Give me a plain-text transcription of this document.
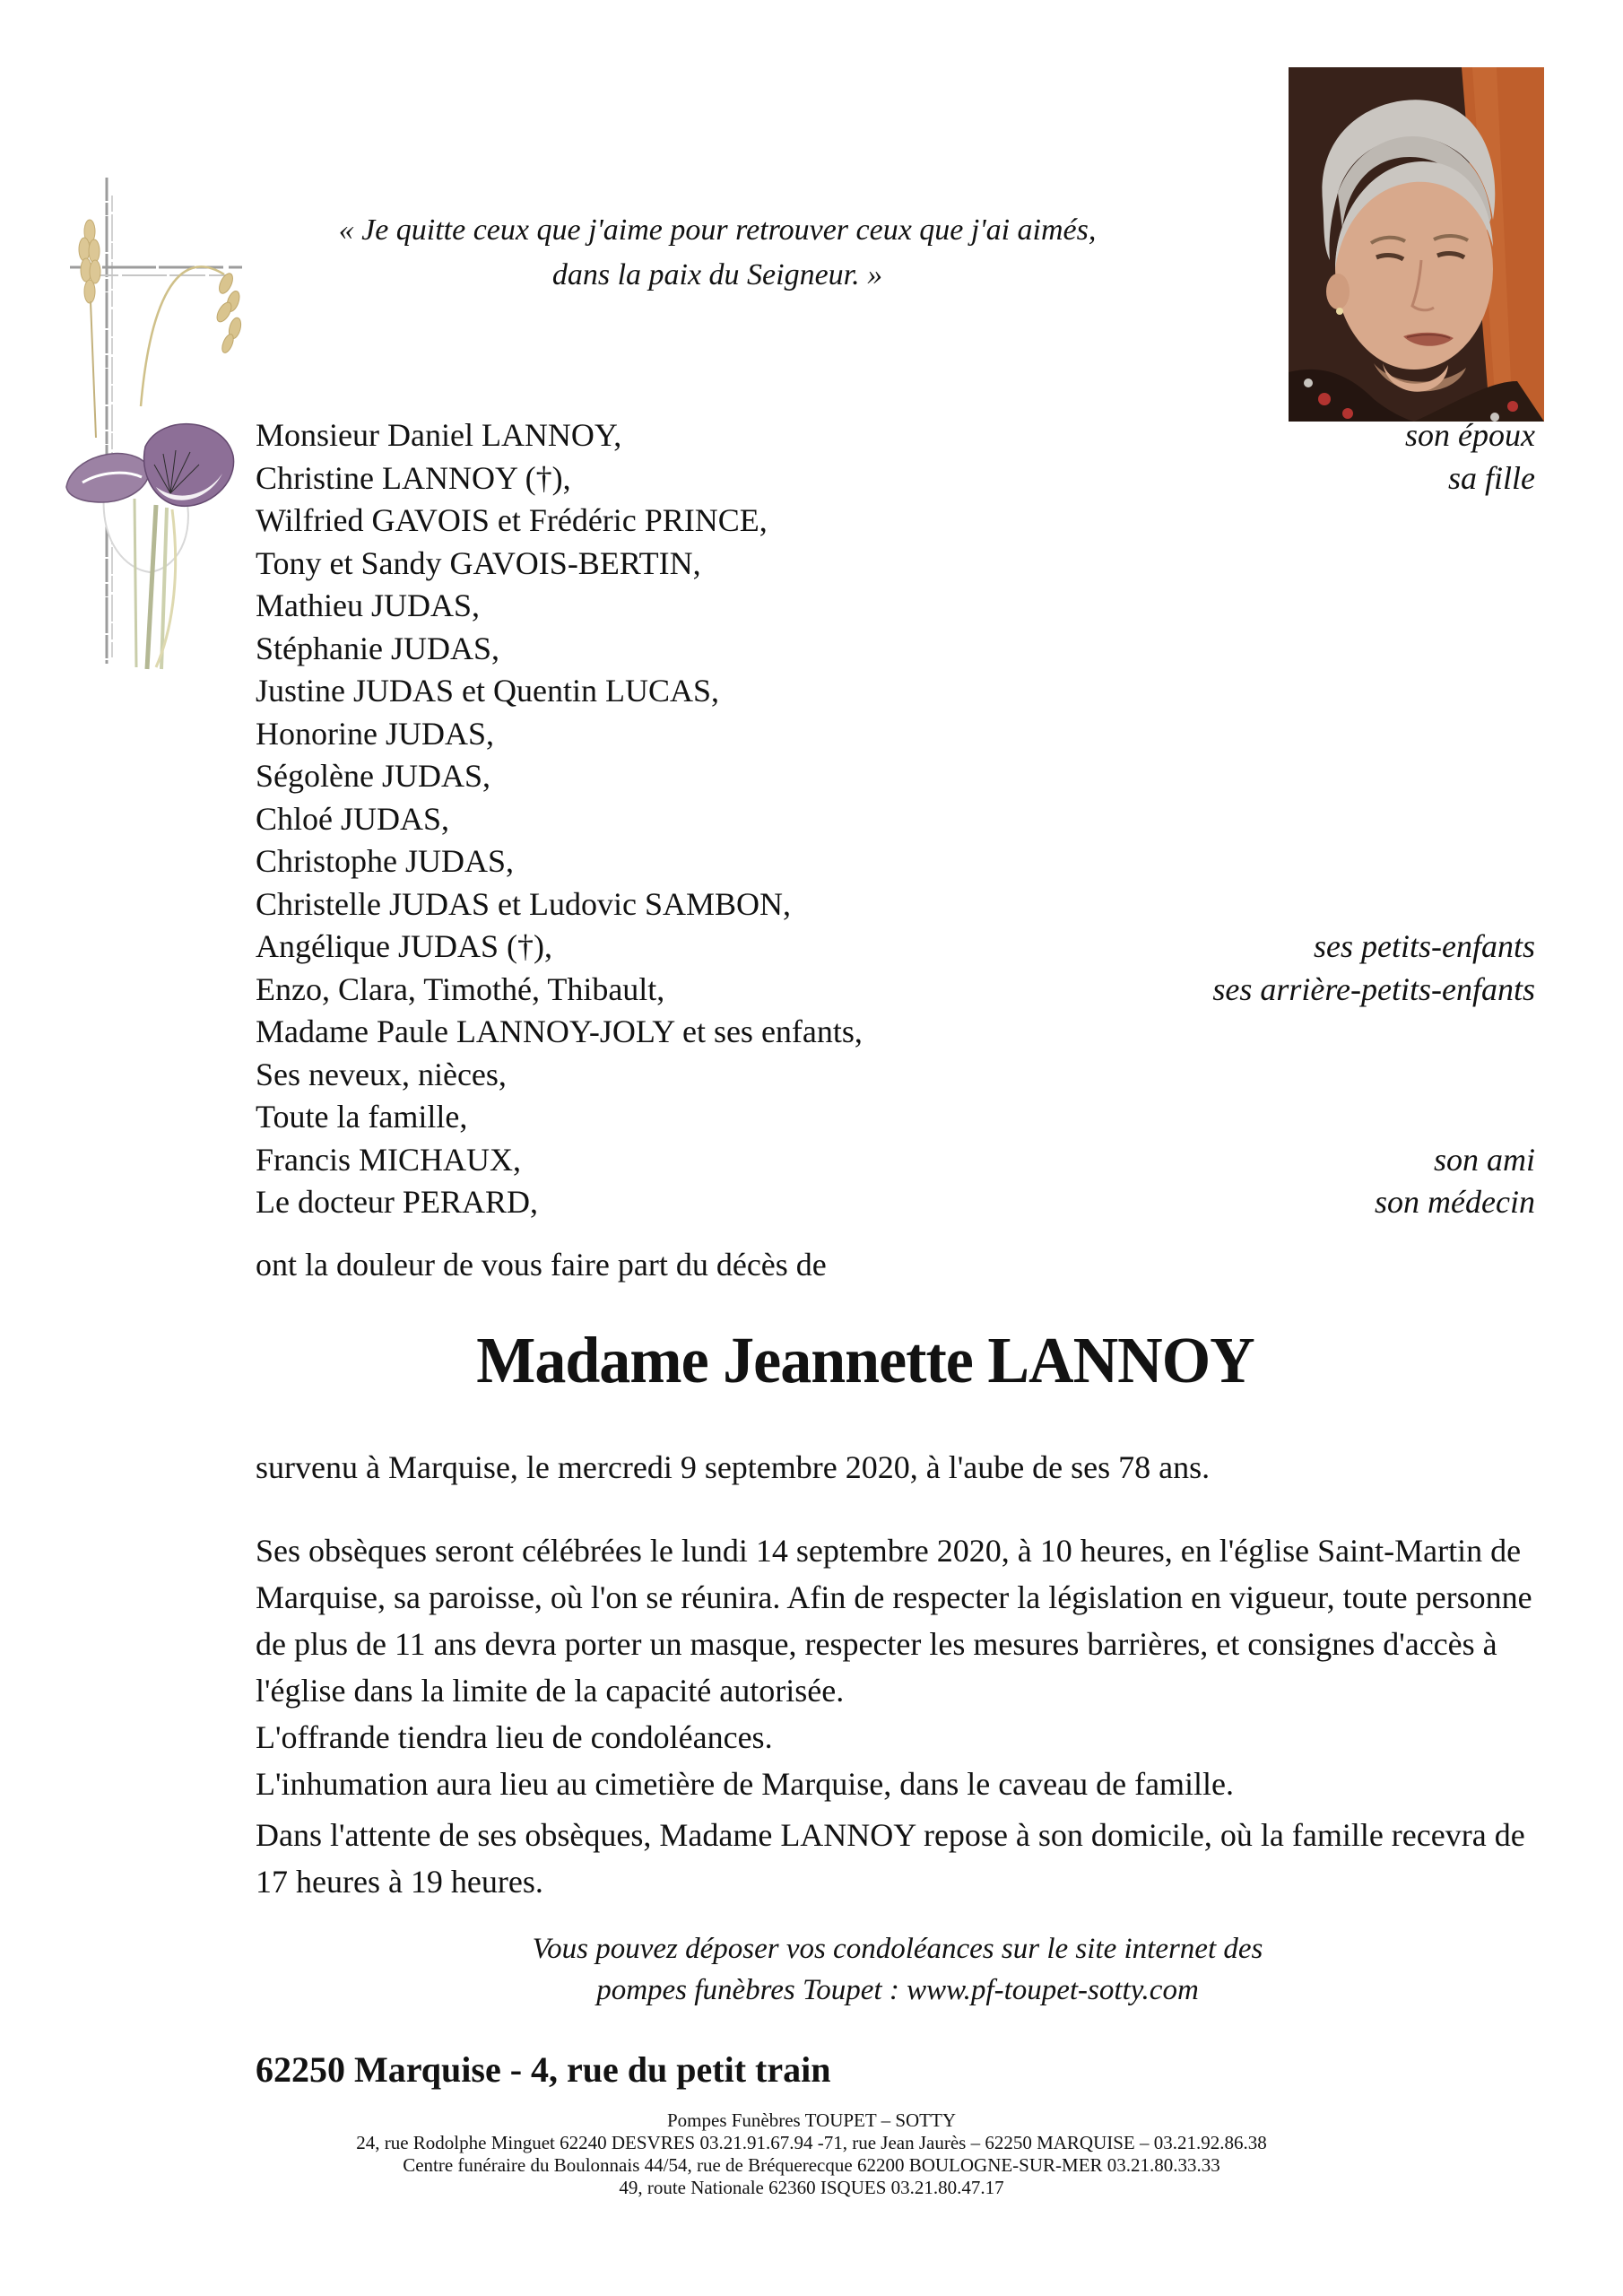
« Je quitte ceux que j'aime pour retrouver ceux que j'ai aimés,
dans la paix du Seigneur. »
Monsieur Daniel LANNOY,	son époux
Christine LANNOY (†),	sa fille
Wilfried GAVOIS et Frédéric PRINCE,
Tony et Sandy GAVOIS-BERTIN,
Mathieu JUDAS,
Stéphanie JUDAS,
Justine JUDAS et Quentin LUCAS,
Honorine JUDAS,
Ségolène JUDAS,
Chloé JUDAS,
Christophe JUDAS,
Christelle JUDAS et Ludovic SAMBON,
Angélique JUDAS (†),	ses petits-enfants
Enzo, Clara, Timothé, Thibault,	ses arrière-petits-enfants
Madame Paule LANNOY-JOLY et ses enfants,
Ses neveux, nièces,
Toute la famille,
Francis MICHAUX,	son ami
Le docteur PERARD,	son médecin
ont la douleur de vous faire part du décès de
Madame Jeannette LANNOY
survenu à Marquise, le mercredi 9 septembre 2020, à l'aube de ses 78 ans.
Ses obsèques seront célébrées le lundi 14 septembre 2020, à 10 heures, en l'église Saint-Martin de Marquise, sa paroisse, où l'on se réunira. Afin de respecter la législation en vigueur, toute personne de plus de 11 ans devra porter un masque, respecter les mesures barrières, et consignes d'accès à l'église dans la limite de la capacité autorisée.
L'offrande tiendra lieu de condoléances.
L'inhumation aura lieu au cimetière de Marquise, dans le caveau de famille.
Dans l'attente de ses obsèques, Madame LANNOY repose à son domicile, où la famille recevra de 17 heures à 19 heures.
Vous pouvez déposer vos condoléances sur le site internet des
pompes funèbres Toupet : www.pf-toupet-sotty.com
62250 Marquise - 4, rue du petit train
Pompes Funèbres TOUPET – SOTTY
24, rue Rodolphe Minguet 62240 DESVRES 03.21.91.67.94 -71, rue Jean Jaurès – 62250 MARQUISE – 03.21.92.86.38
Centre funéraire du Boulonnais 44/54, rue de Bréquerecque 62200 BOULOGNE-SUR-MER 03.21.80.33.33
49, route Nationale 62360 ISQUES 03.21.80.47.17
